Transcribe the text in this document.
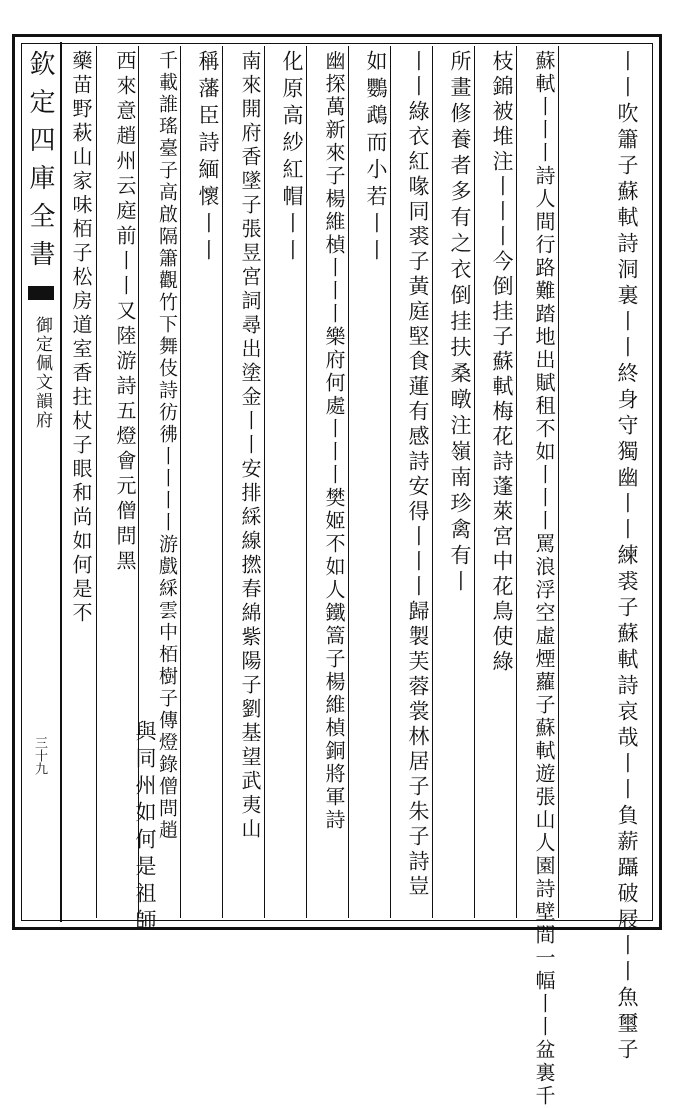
欽定四庫全書
御定佩文韻府
三十九	丨丨吹簫子蘇軾詩洞裏丨丨終身守獨幽丨丨練裘子蘇軾詩哀哉丨丨負薪躡破屐丨丨魚璽子
蘇軾丨丨丨詩人間行路難踏地出賦租不如丨丨丨罵浪浮空虛煙蘿子蘇軾遊張山人園詩壁間一幅丨丨盆裏千
枝錦被堆注丨丨丨今倒挂子蘇軾梅花詩蓬萊宮中花鳥使綠
所畫修養者多有之衣倒挂扶桑暾注嶺南珍禽有丨
丨丨綠衣紅喙同裘子黃庭堅食蓮有感詩安得丨丨丨歸製芙蓉裳林居子朱子詩豈
如鸚鵡而小若丨丨
幽探萬新來子楊維楨丨丨丨樂府何處丨丨丨樊姬不如人鐵篙子楊維楨銅將軍詩
化原高紗紅帽丨丨
南來開府香墜子張昱宮詞尋出塗金丨丨安排綵線撚春綿紫陽子劉基望武夷山
稱藩臣詩緬懷丨丨
千載誰瑤臺子高啟隔簫觀竹下舞伎詩彷彿丨丨丨丨游戲綵雲中栢樹子傳燈錄僧問趙
與同州如何是祖師
西來意趙州云庭前丨丨又陸游詩五燈會元僧問黑
藥苗野萩山家味栢子松房道室香拄杖子眼和尚如何是不
